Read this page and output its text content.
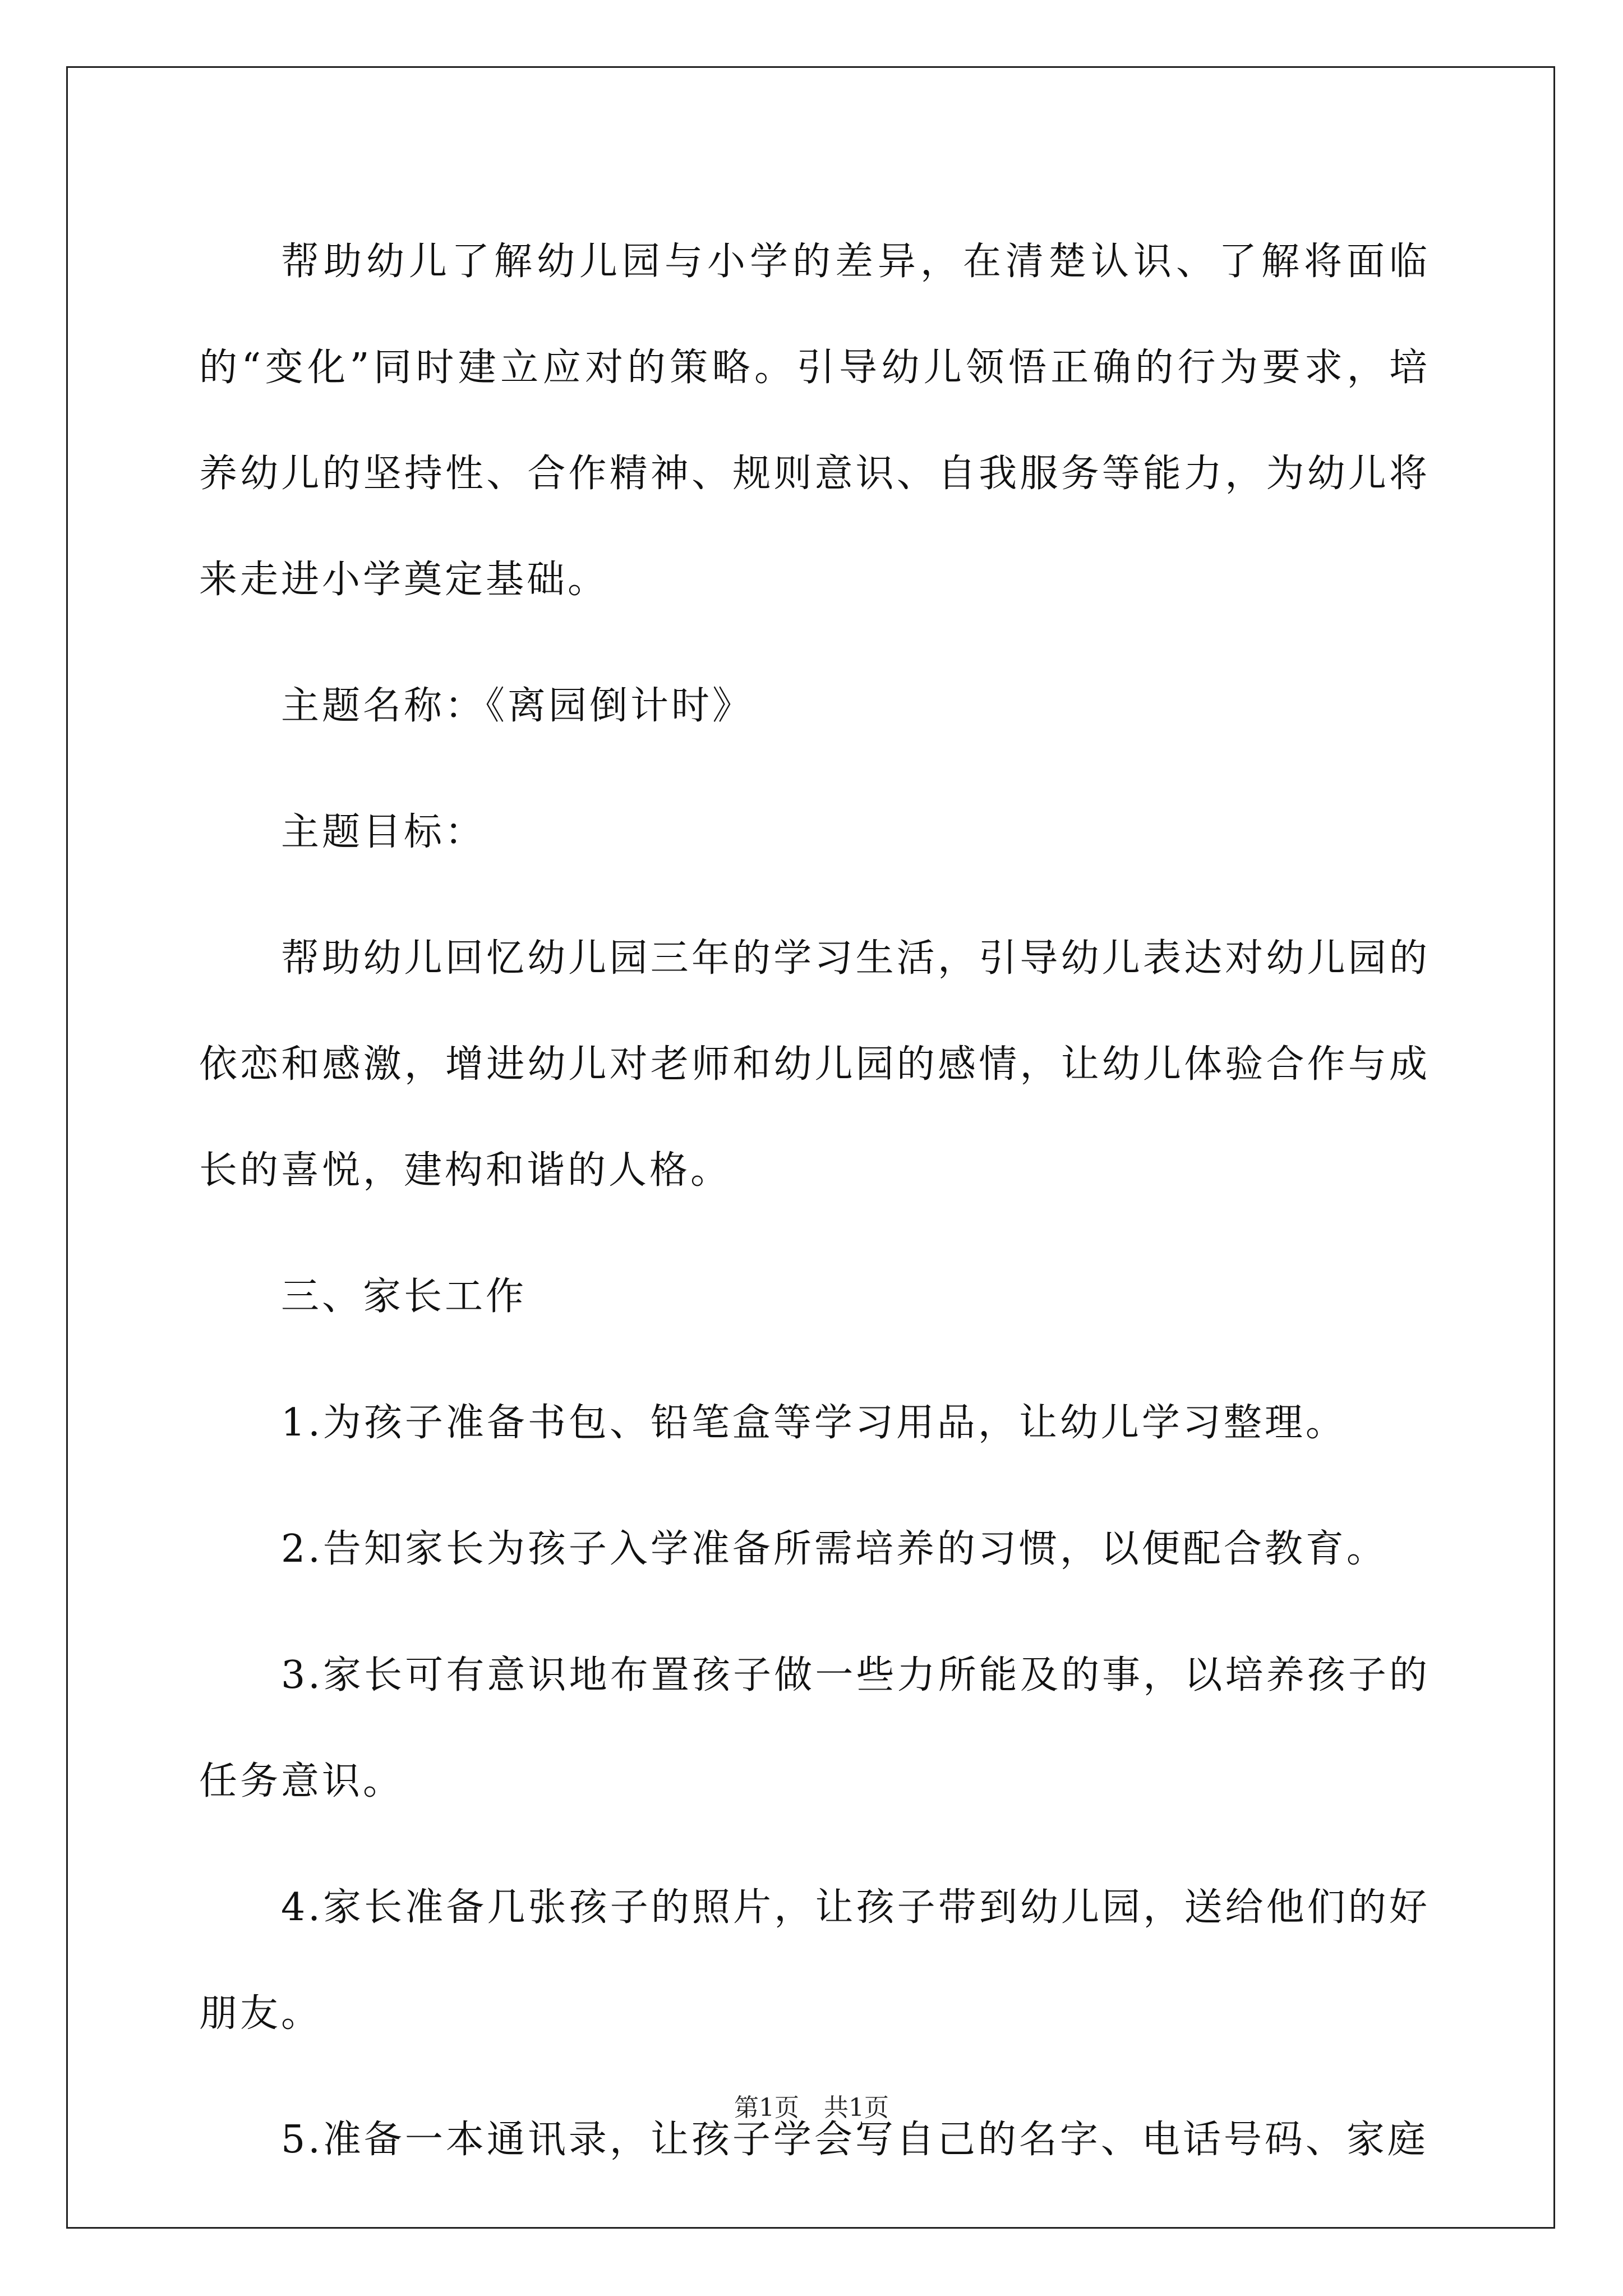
帮助幼儿了解幼儿园与小学的差异，在清楚认识、了解将面临的“变化”同时建立应对的策略。引导幼儿领悟正确的行为要求，培养幼儿的坚持性、合作精神、规则意识、自我服务等能力，为幼儿将来走进小学奠定基础。

主题名称：《离园倒计时》

主题目标：

帮助幼儿回忆幼儿园三年的学习生活，引导幼儿表达对幼儿园的依恋和感激，增进幼儿对老师和幼儿园的感情，让幼儿体验合作与成长的喜悦，建构和谐的人格。

三、家长工作

1.为孩子准备书包、铅笔盒等学习用品，让幼儿学习整理。

2.告知家长为孩子入学准备所需培养的习惯，以便配合教育。

3.家长可有意识地布置孩子做一些力所能及的事，以培养孩子的任务意识。

4.家长准备几张孩子的照片，让孩子带到幼儿园，送给他们的好朋友。

5.准备一本通讯录，让孩子学会写自己的名字、电话号码、家庭

第1页　共1页
